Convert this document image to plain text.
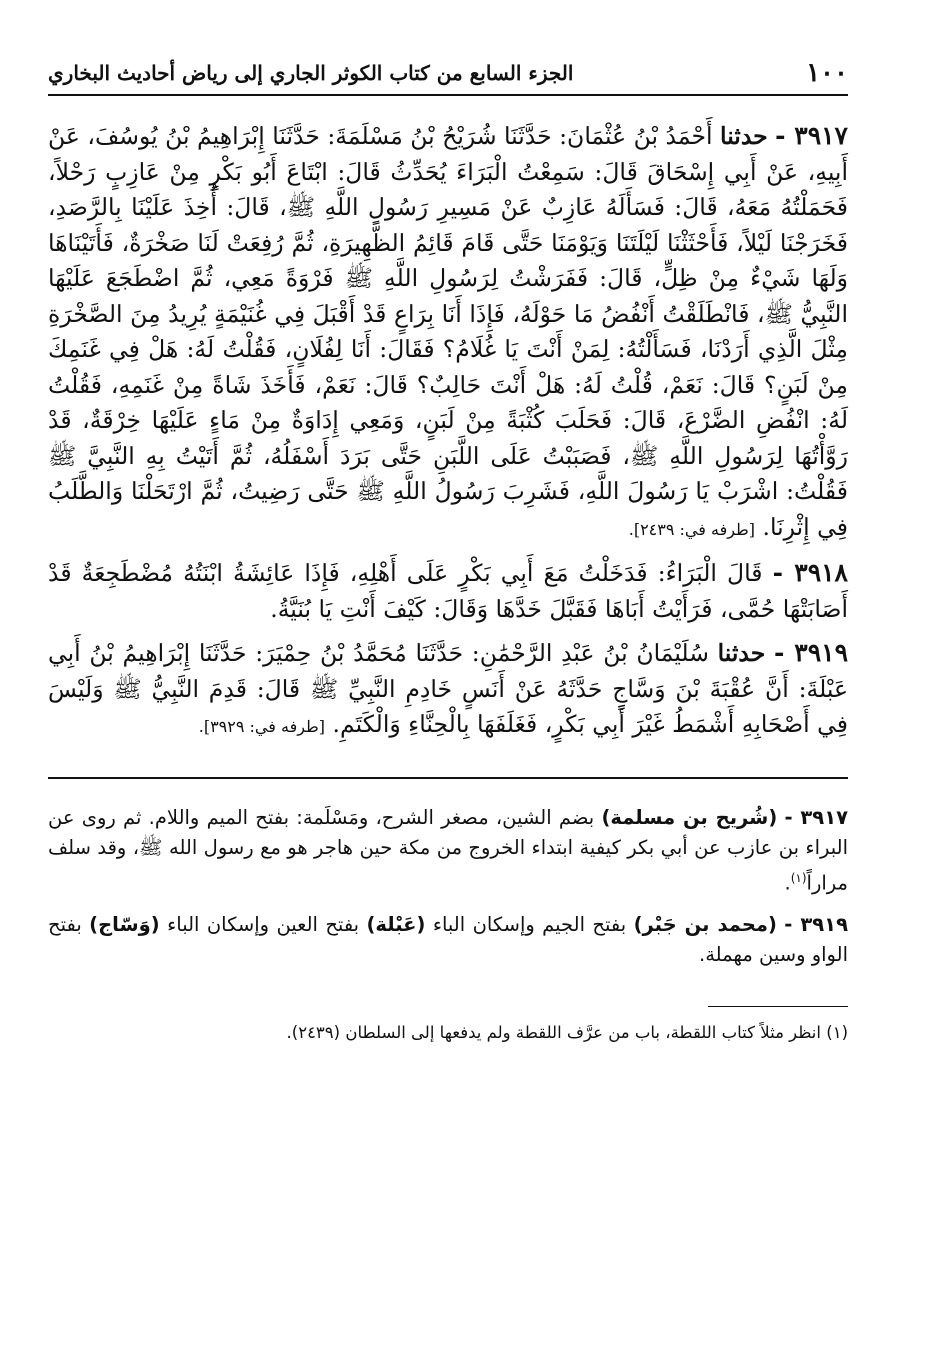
١٠٠
الجزء السابع من كتاب الكوثر الجاري إلى رياض أحاديث البخاري

٣٩١٧ - حدثنا أَحْمَدُ بْنُ عُثْمَانَ: حَدَّثَنَا شُرَيْحُ بْنُ مَسْلَمَةَ: حَدَّثَنَا إِبْرَاهِيمُ بْنُ يُوسُفَ، عَنْ أَبِيهِ، عَنْ أَبِي إِسْحَاقَ قَالَ: سَمِعْتُ الْبَرَاءَ يُحَدِّثُ قَالَ: ابْتَاعَ أَبُو بَكْرٍ مِنْ عَازِبٍ رَحْلاً، فَحَمَلْتُهُ مَعَهُ، قَالَ: فَسَأَلَهُ عَازِبٌ عَنْ مَسِيرِ رَسُولِ اللَّهِ ﷺ، قَالَ: أُخِذَ عَلَيْنَا بِالرَّصَدِ، فَخَرَجْنَا لَيْلاً، فَأَحْثَثْنَا لَيْلَتَنَا وَيَوْمَنَا حَتَّى قَامَ قَائِمُ الظَّهِيرَةِ، ثُمَّ رُفِعَتْ لَنَا صَخْرَةٌ، فَأَتَيْنَاهَا وَلَهَا شَيْءٌ مِنْ ظِلٍّ، قَالَ: فَفَرَشْتُ لِرَسُولِ اللَّهِ ﷺ فَرْوَةً مَعِي، ثُمَّ اضْطَجَعَ عَلَيْهَا النَّبِيُّ ﷺ، فَانْطَلَقْتُ أَنْفُضُ مَا حَوْلَهُ، فَإِذَا أَنَا بِرَاعٍ قَدْ أَقْبَلَ فِي غُنَيْمَةٍ يُرِيدُ مِنَ الصَّخْرَةِ مِثْلَ الَّذِي أَرَدْنَا، فَسَأَلْتُهُ: لِمَنْ أَنْتَ يَا غُلَامُ؟ فَقَالَ: أَنَا لِفُلَانٍ، فَقُلْتُ لَهُ: هَلْ فِي غَنَمِكَ مِنْ لَبَنٍ؟ قَالَ: نَعَمْ، قُلْتُ لَهُ: هَلْ أَنْتَ حَالِبٌ؟ قَالَ: نَعَمْ، فَأَخَذَ شَاةً مِنْ غَنَمِهِ، فَقُلْتُ لَهُ: انْفُضِ الضَّرْعَ، قَالَ: فَحَلَبَ كُثْبَةً مِنْ لَبَنٍ، وَمَعِي إِدَاوَةٌ مِنْ مَاءٍ عَلَيْهَا خِرْقَةٌ، قَدْ رَوَّأْتُهَا لِرَسُولِ اللَّهِ ﷺ، فَصَبَبْتُ عَلَى اللَّبَنِ حَتَّى بَرَدَ أَسْفَلُهُ، ثُمَّ أَتَيْتُ بِهِ النَّبِيَّ ﷺ فَقُلْتُ: اشْرَبْ يَا رَسُولَ اللَّهِ، فَشَرِبَ رَسُولُ اللَّهِ ﷺ حَتَّى رَضِيتُ، ثُمَّ ارْتَحَلْنَا وَالطَّلَبُ فِي إِثْرِنَا. [طرفه في: ٢٤٣٩].

٣٩١٨ - قَالَ الْبَرَاءُ: فَدَخَلْتُ مَعَ أَبِي بَكْرٍ عَلَى أَهْلِهِ، فَإِذَا عَائِشَةُ ابْنَتُهُ مُضْطَجِعَةٌ قَدْ أَصَابَتْهَا حُمَّى، فَرَأَيْتُ أَبَاهَا فَقَبَّلَ خَدَّهَا وَقَالَ: كَيْفَ أَنْتِ يَا بُنَيَّةُ.

٣٩١٩ - حدثنا سُلَيْمَانُ بْنُ عَبْدِ الرَّحْمَٰنِ: حَدَّثَنَا مُحَمَّدُ بْنُ حِمْيَرَ: حَدَّثَنَا إِبْرَاهِيمُ بْنُ أَبِي عَبْلَةَ: أَنَّ عُقْبَةَ بْنَ وَسَّاجٍ حَدَّثَهُ عَنْ أَنَسٍ خَادِمِ النَّبِيِّ ﷺ قَالَ: قَدِمَ النَّبِيُّ ﷺ وَلَيْسَ فِي أَصْحَابِهِ أَشْمَطُ غَيْرَ أَبِي بَكْرٍ، فَغَلَفَهَا بِالْحِنَّاءِ وَالْكَتَمِ. [طرفه في: ٣٩٢٩].

٣٩١٧ - (شُريح بن مسلمة) بضم الشين، مصغر الشرح، ومَسْلَمة: بفتح الميم واللام. ثم روى عن البراء بن عازب عن أبي بكر كيفية ابتداء الخروج من مكة حين هاجر هو مع رسول الله ﷺ، وقد سلف مراراً$^{(١)}$.

٣٩١٩ - (محمد بن جَبْر) بفتح الجيم وإسكان الباء (عَبْلة) بفتح العين وإسكان الباء (وَسّاج) بفتح الواو وسين مهملة.

(١) انظر مثلاً كتاب اللقطة، باب من عرَّف اللقطة ولم يدفعها إلى السلطان (٢٤٣٩).
